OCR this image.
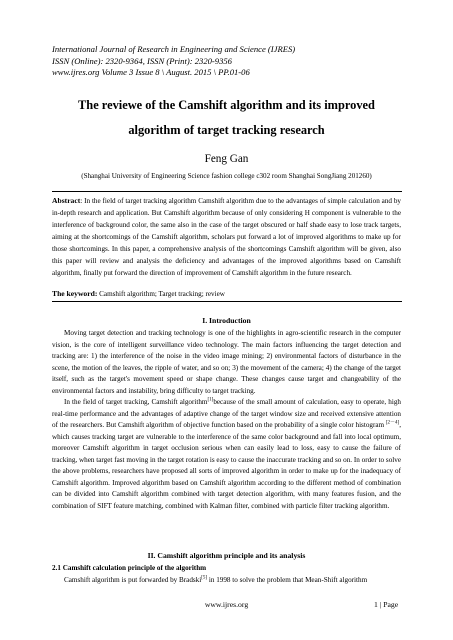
International Journal of Research in Engineering and Science (IJRES)
ISSN (Online): 2320-9364, ISSN (Print): 2320-9356
www.ijres.org Volume 3 Issue 8 \ August. 2015 \ PP.01-06
The reviewe of the Camshift algorithm and its improved
algorithm of target tracking research
Feng Gan
(Shanghai University of Engineering Science fashion college c302 room Shanghai SongJiang 201260)
Abstract: In the field of target tracking algorithm Camshift algorithm due to the advantages of simple calculation and by in-depth research and application. But Camshift algorithm because of only considering H component is vulnerable to the interference of background color, the same also in the case of the target obscured or half shade easy to lose track targets, aiming at the shortcomings of the Camshift algorithm, scholars put forward a lot of improved algorithms to make up for those shortcomings. In this paper, a comprehensive analysis of the shortcomings Camshift algorithm will be given, also this paper will review and analysis the deficiency and advantages of the improved algorithms based on Camshift algorithm, finally put forward the direction of improvement of Camshift algorithm in the future research.
The keyword: Camshift algorithm; Target tracking; review
I. Introduction

Moving target detection and tracking technology is one of the highlights in agro-scientific research in the computer vision, is the core of intelligent surveillance video technology. The main factors influencing the target detection and tracking are: 1) the interference of the noise in the video image mining; 2) environmental factors of disturbance in the scene, the motion of the leaves, the ripple of water, and so on; 3) the movement of the camera; 4) the change of the target itself, such as the target's movement speed or shape change. These changes cause target and changeability of the environmental factors and instability, bring difficulty to target tracking.

In the field of target tracking, Camshift algorithm[1]because of the small amount of calculation, easy to operate, high real-time performance and the advantages of adaptive change of the target window size and received extensive attention of the researchers. But Camshift algorithm of objective function based on the probability of a single color histogram [2－4], which causes tracking target are vulnerable to the interference of the same color background and fall into local optimum, moreover Camshift algorithm in target occlusion serious when can easily lead to loss, easy to cause the failure of tracking, when target fast moving in the target rotation is easy to cause the inaccurate tracking and so on. In order to solve the above problems, researchers have proposed all sorts of improved algorithm in order to make up for the inadequacy of Camshift algorithm. Improved algorithm based on Camshift algorithm according to the different method of combination can be divided into Camshift algorithm combined with target detection algorithm, with many features fusion, and the combination of SIFT feature matching, combined with Kalman filter, combined with particle filter tracking algorithm.

II. Camshift algorithm principle and its analysis
2.1 Camshift calculation principle of the algorithm
Camshift algorithm is put forwarded by Bradski[5] in 1998 to solve the problem that Mean-Shift algorithm
www.ijres.org	1 | Page
